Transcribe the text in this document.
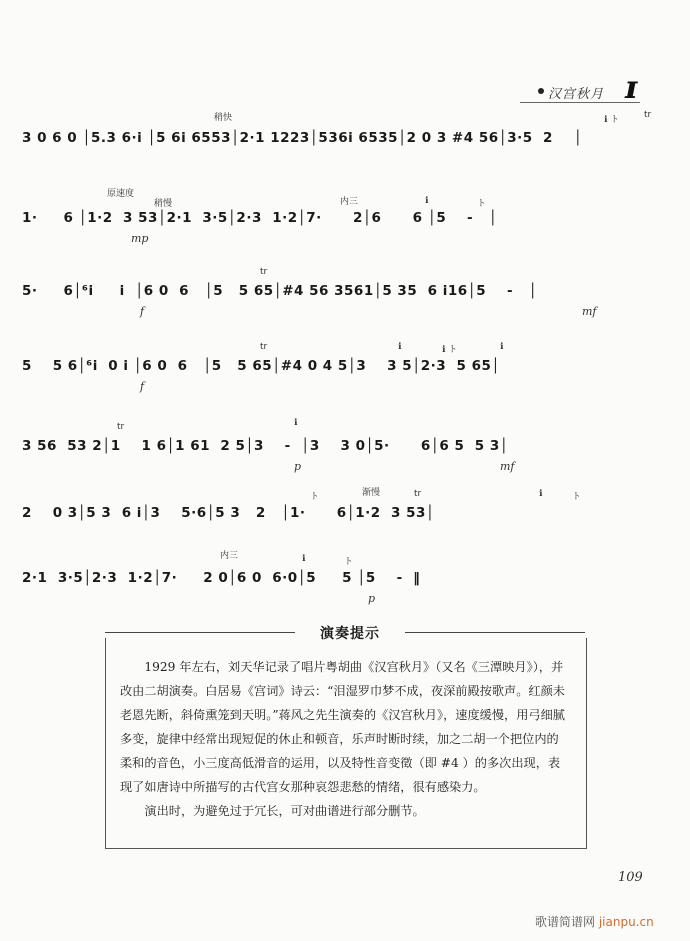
汉宫秋月 ɪ
3 0 6 0 │5.3 6·i │5 6i 6553│2·1 1223│536i 6535│2 0 3 #4 56│3·5  2    │
稍快	tr
ℹ ト
1·     6 │1·2  3 53│2·1  3·5│2·3  1·2│7·      2│6      6 │5    -   │
原速度
稍慢	内三	ℹ	ト
mp
5·     6│⁶i     i  │6 0  6   │5   5 65│#4 56 3561│5 35  6 i16│5    -   │
tr
f	mf
5    5 6│⁶i  0 i │6 0  6   │5   5 65│#4 0 4 5│3    3 5│2·3  5 65│
tr	ℹ	ℹ ト	ℹ
f
3 56  53 2│1    1 6│1 61  2 5│3    -  │3    3 0│5·      6│6 5  5 3│
tr	ℹ
p	mf
2    0 3│5 3  6 i│3    5·6│5 3   2   │1·      6│1·2  3 53│
ト	渐慢	tr	ℹ	ト
2·1  3·5│2·3  1·2│7·     2 0│6 0  6·0│5     5 │5    -  ‖
内三	ℹ	ト
p
演奏提示
1929 年左右，刘天华记录了唱片粤胡曲《汉宫秋月》（又名《三潭映月》），并改由二胡演奏。白居易《宫词》诗云：“泪湿罗巾梦不成，夜深前殿按歌声。红颜未老恩先断，斜倚熏笼到天明。”蒋风之先生演奏的《汉宫秋月》，速度缓慢，用弓细腻多变，旋律中经常出现短促的休止和顿音，乐声时断时续，加之二胡一个把位内的柔和的音色，小三度高低滑音的运用，以及特性音变徵（即 #4 ）的多次出现，表现了如唐诗中所描写的古代宫女那种哀怨悲愁的情绪，很有感染力。
演出时，为避免过于冗长，可对曲谱进行部分删节。
109
歌谱简谱网 jianpu.cn
